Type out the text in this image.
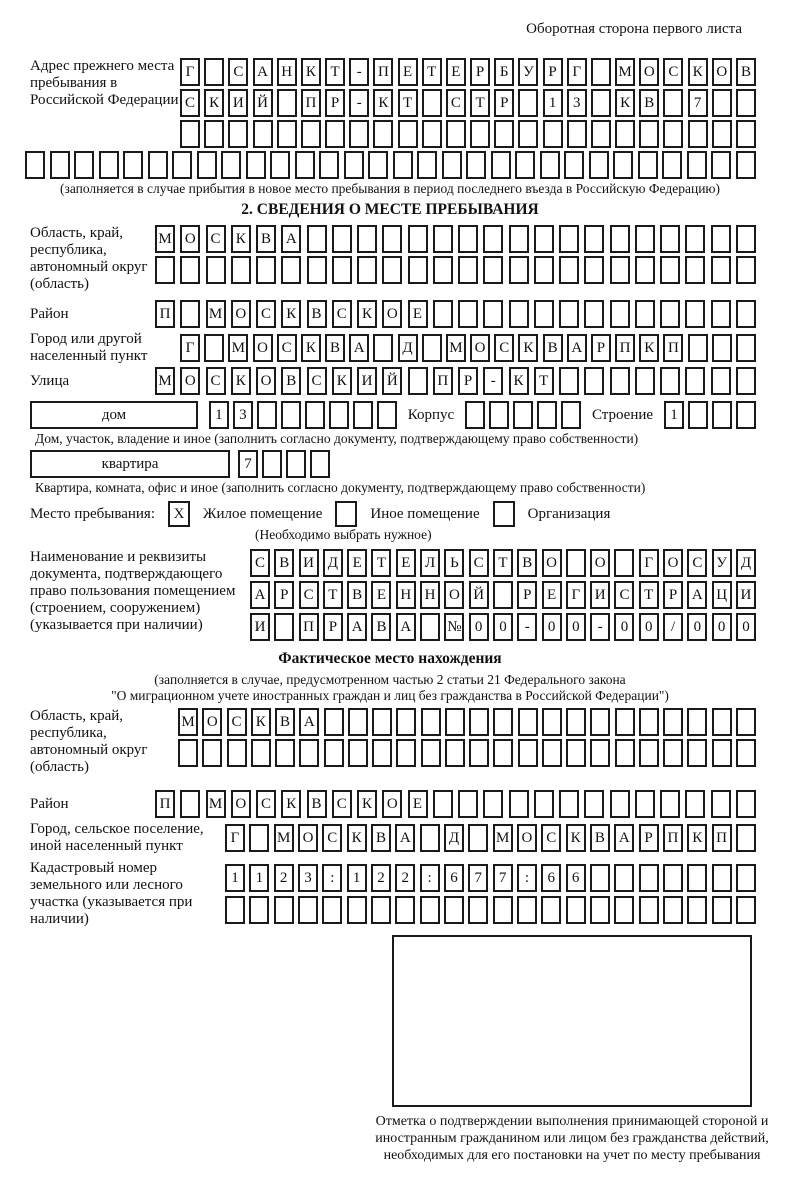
Оборотная сторона первого листа
Адрес прежнего места пребывания в Российской Федерации
Г	С А Н К Т	-	П Е	Т	Е	Р	Б У Р	Г	М О С К О В
С К И Й	П Р	-	К Т	С Т	Р	1	3	К В	7
(заполняется в случае прибытия в новое место пребывания в период последнего въезда в Российскую Федерацию)
2. СВЕДЕНИЯ О МЕСТЕ ПРЕБЫВАНИЯ
Область, край, республика, автономный округ (область)
М О С	К	В А
Район	П	М О С	К	В	С	К О	Е
Город или другой населенный пункт	Г	М О С К В А	Д	М О С К В А Р П К П
Улица	М О С	К О В	С	К И Й	П	Р	-	К	Т
дом	1	3	Корпус	Строение	1
Дом, участок, владение и иное (заполнить согласно документу, подтверждающему право собственности)
квартира	7
Квартира, комната, офис и иное (заполнить согласно документу, подтверждающему право собственности)
Место пребывания:	X	Жилое помещение	Иное помещение	Организация
(Необходимо выбрать нужное)
Наименование и реквизиты документа, подтверждающего право пользования помещением (строением, сооружением) (указывается при наличии)
С В И Д Е	Т	Е Л Ь С Т В О	О	Г О С У Д
А Р	С Т В Е Н Н О Й	Р	Е	Г И С Т	Р А Ц И
И	П Р А В А	№ 0	0	-	0	0	-	0	0	/	0	0	0
Фактическое место нахождения
(заполняется в случае, предусмотренном частью 2 статьи 21 Федерального закона
"О миграционном учете иностранных граждан и лиц без гражданства в Российской Федерации")
Область, край, республика, автономный округ (область)
М О С К В А
Район	П	М О С	К	В	С	К О	Е
Город, сельское поселение, иной населенный пункт	Г	М О С К В А	Д	М О С К В А Р П К П
Кадастровый номер земельного или лесного участка (указывается при наличии)
1	1	2	3	:	1	2	2	:	6	7	7	:	6	6
Отметка о подтверждении выполнения принимающей стороной и иностранным гражданином или лицом без гражданства действий, необходимых для его постановки на учет по месту пребывания
